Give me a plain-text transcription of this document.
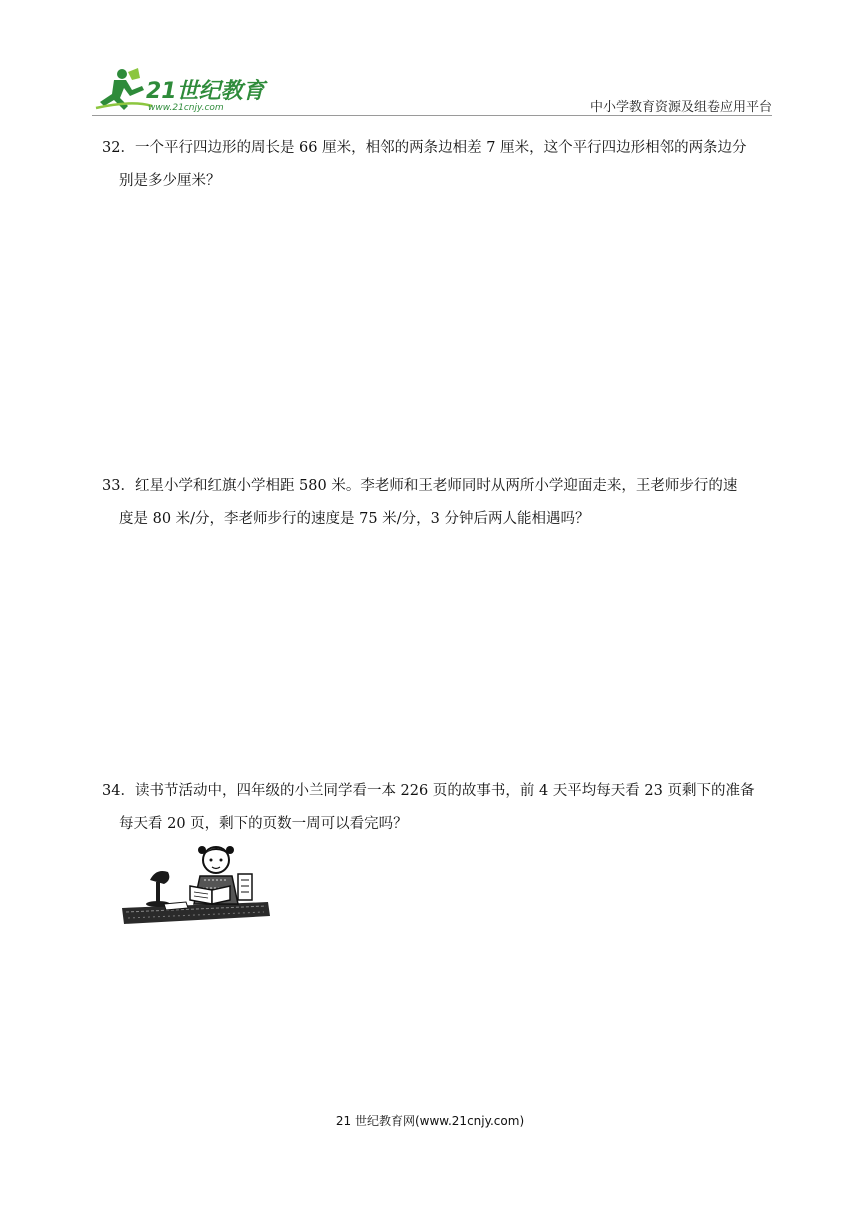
21世纪教育
www.21cnjy.com	中小学教育资源及组卷应用平台
32．一个平行四边形的周长是 66 厘米，相邻的两条边相差 7 厘米，这个平行四边形相邻的两条边分
别是多少厘米？
33．红星小学和红旗小学相距 580 米。李老师和王老师同时从两所小学迎面走来，王老师步行的速
度是 80 米/分，李老师步行的速度是 75 米/分，3 分钟后两人能相遇吗？
34．读书节活动中，四年级的小兰同学看一本 226 页的故事书，前 4 天平均每天看 23 页剩下的准备
每天看 20 页，剩下的页数一周可以看完吗？
21 世纪教育网(www.21cnjy.com)
